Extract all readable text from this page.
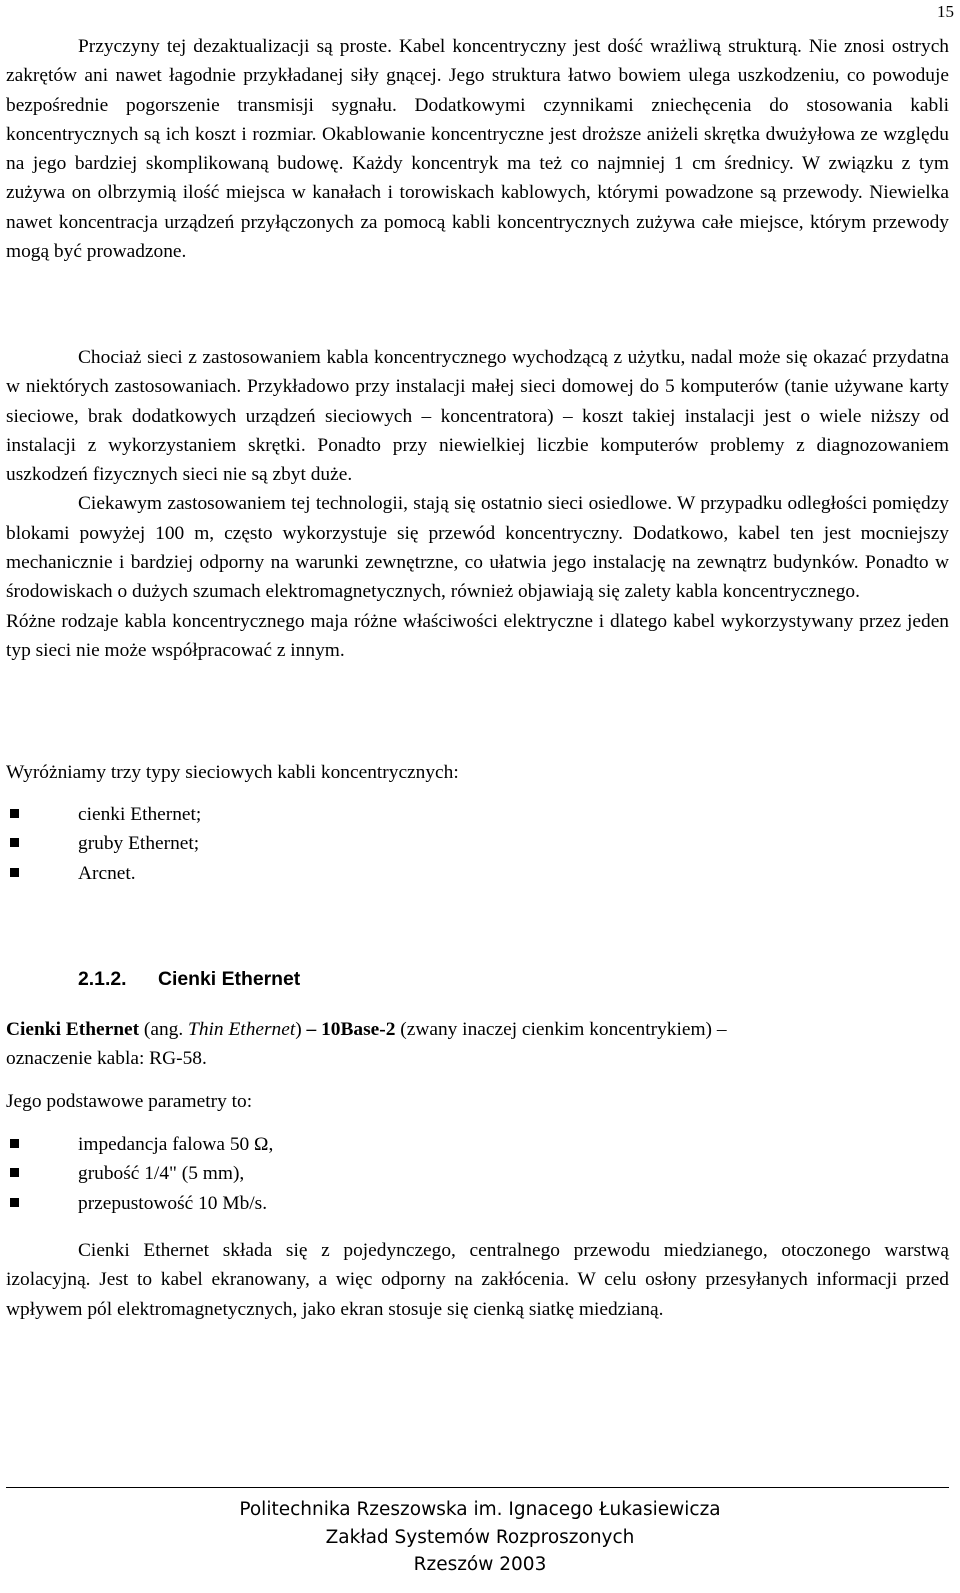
15

Przyczyny tej dezaktualizacji są proste. Kabel koncentryczny jest dość wrażliwą strukturą. Nie znosi ostrych zakrętów ani nawet łagodnie przykładanej siły gnącej. Jego struktura łatwo bowiem ulega uszkodzeniu, co powoduje bezpośrednie pogorszenie transmisji sygnału. Dodatkowymi czynnikami zniechęcenia do stosowania kabli koncentrycznych są ich koszt i rozmiar. Okablowanie koncentryczne jest droższe aniżeli skrętka dwużyłowa ze względu na jego bardziej skomplikowaną budowę. Każdy koncentryk ma też co najmniej 1 cm średnicy. W związku z tym zużywa on olbrzymią ilość miejsca w kanałach i torowiskach kablowych, którymi powadzone są przewody. Niewielka nawet koncentracja urządzeń przyłączonych za pomocą kabli koncentrycznych zużywa całe miejsce, którym przewody mogą być prowadzone.

Chociaż sieci z zastosowaniem kabla koncentrycznego wychodzącą z użytku, nadal może się okazać przydatna w niektórych zastosowaniach. Przykładowo przy instalacji małej sieci domowej do 5 komputerów (tanie używane karty sieciowe, brak dodatkowych urządzeń sieciowych – koncentratora) – koszt takiej instalacji jest o wiele niższy od instalacji z wykorzystaniem skrętki. Ponadto przy niewielkiej liczbie komputerów problemy z diagnozowaniem uszkodzeń fizycznych sieci nie są zbyt duże.

Ciekawym zastosowaniem tej technologii, stają się ostatnio sieci osiedlowe. W przypadku odległości pomiędzy blokami powyżej 100 m, często wykorzystuje się przewód koncentryczny. Dodatkowo, kabel ten jest mocniejszy mechanicznie i bardziej odporny na warunki zewnętrzne, co ułatwia jego instalację na zewnątrz budynków. Ponadto w środowiskach o dużych szumach elektromagnetycznych, również objawiają się zalety kabla koncentrycznego.

Różne rodzaje kabla koncentrycznego maja różne właściwości elektryczne i dlatego kabel wykorzystywany przez jeden typ sieci nie może współpracować z innym.

Wyróżniamy trzy typy sieciowych kabli koncentrycznych:
cienki Ethernet;
gruby Ethernet;
Arcnet.
2.1.2. Cienki Ethernet

Cienki Ethernet (ang. Thin Ethernet) – 10Base-2 (zwany inaczej cienkim koncentrykiem) –
oznaczenie kabla: RG-58.

Jego podstawowe parametry to:
impedancja falowa 50 Ω,
grubość 1/4" (5 mm),
przepustowość 10 Mb/s.

Cienki Ethernet składa się z pojedynczego, centralnego przewodu miedzianego, otoczonego warstwą izolacyjną. Jest to kabel ekranowany, a więc odporny na zakłócenia. W celu osłony przesyłanych informacji przed wpływem pól elektromagnetycznych, jako ekran stosuje się cienką siatkę miedzianą.

Politechnika Rzeszowska im. Ignacego Łukasiewicza
Zakład Systemów Rozproszonych
Rzeszów 2003
